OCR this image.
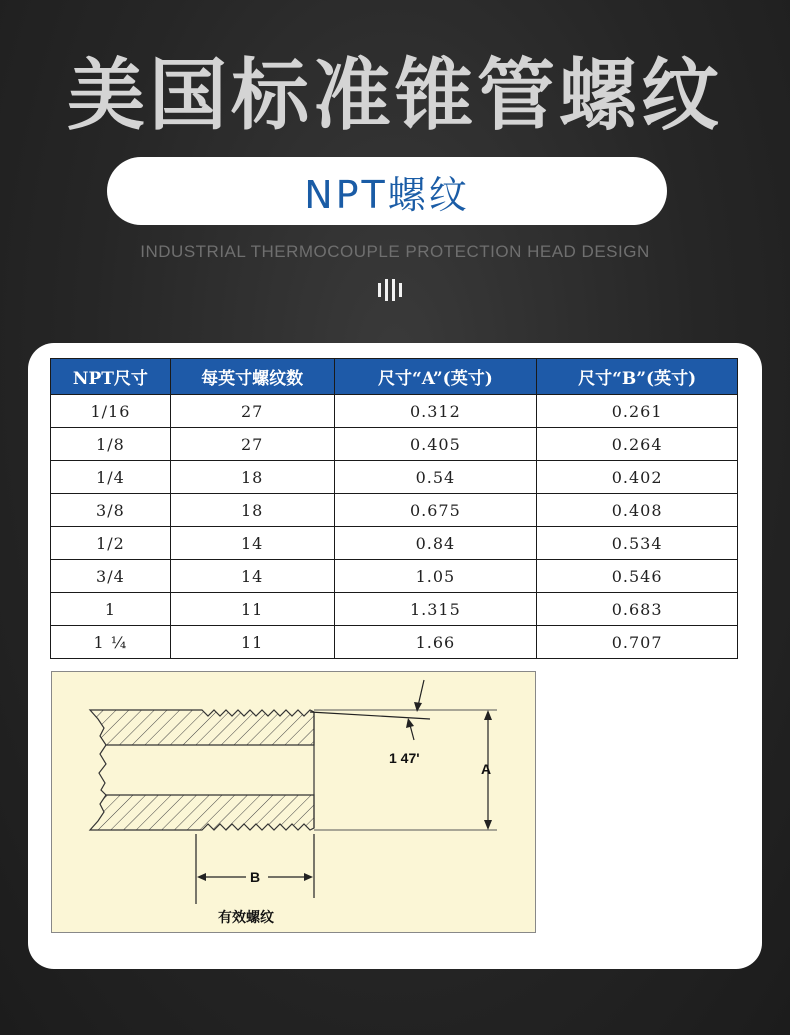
美国标准锥管螺纹
NPT螺纹
INDUSTRIAL THERMOCOUPLE PROTECTION HEAD DESIGN
NPT尺寸	每英寸螺纹数	尺寸“A”(英寸)	尺寸“B”(英寸)
1/16	27	0.312	0.261
1/8	27	0.405	0.264
1/4	18	0.54	0.402
3/8	18	0.675	0.408
1/2	14	0.84	0.534
3/4	14	1.05	0.546
1	11	1.315	0.683
1 ¼	11	1.66	0.707
1 47'
A
B
有效螺纹
